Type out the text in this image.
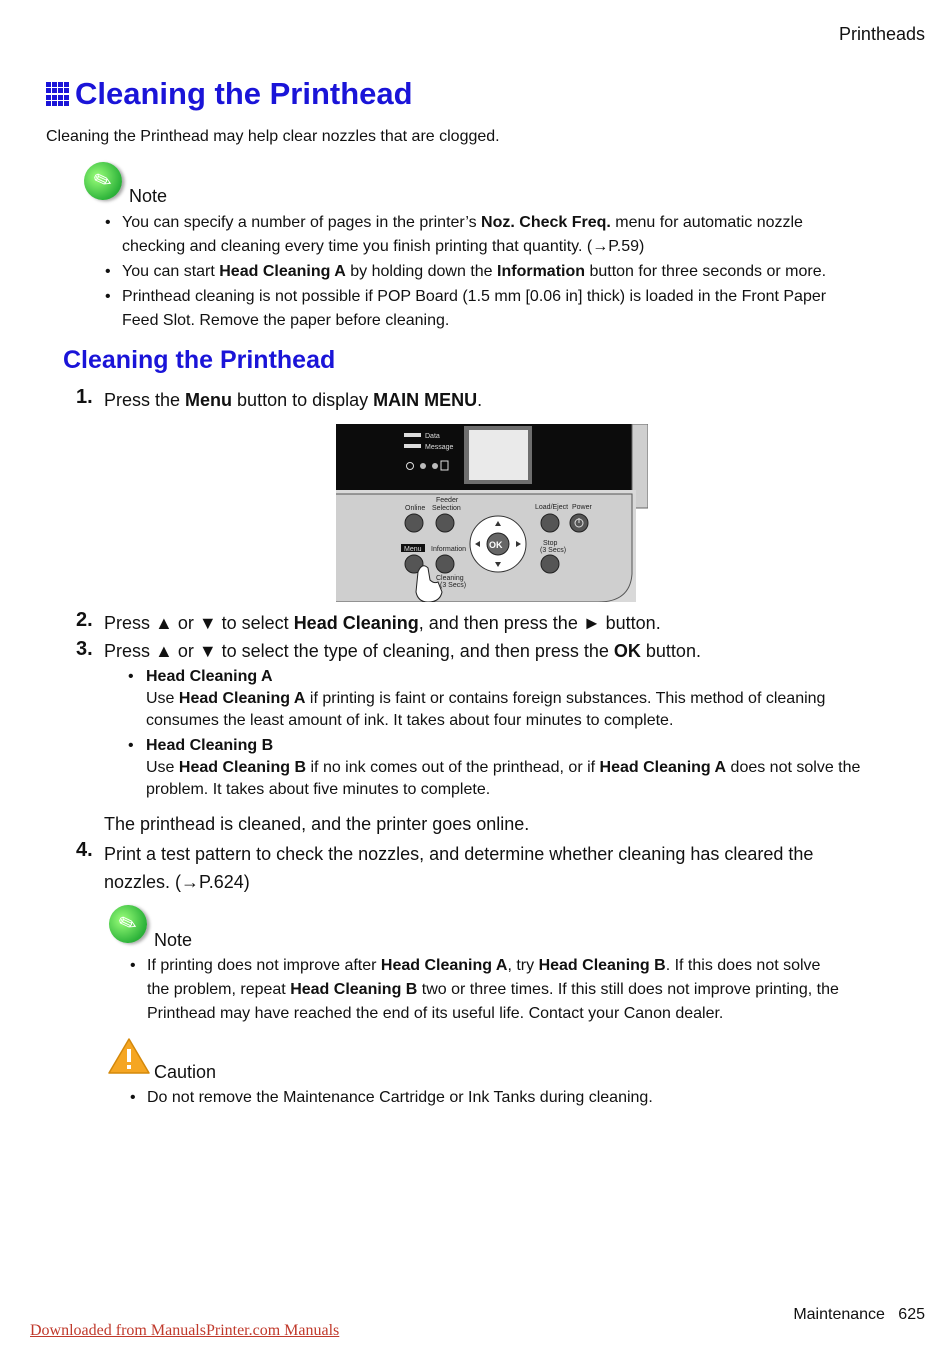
Printheads
Cleaning the Printhead
Cleaning the Printhead may help clear nozzles that are clogged.
✎
Note
• You can specify a number of pages in the printer’s Noz. Check Freq. menu for automatic nozzle
checking and cleaning every time you finish printing that quantity. (→P.59)
• You can start Head Cleaning A by holding down the Information button for three seconds or more.
• Printhead cleaning is not possible if POP Board (1.5 mm [0.06 in] thick) is loaded in the Front Paper
Feed Slot. Remove the paper before cleaning.
Cleaning the Printhead
1. Press the Menu button to display MAIN MENU.
Data
Message
Online
Feeder
Selection	Load/Eject Power
Menu Information	OK	Stop
(3 Secs)
Cleaning
(3 Secs)
2. Press ▲ or ▼ to select Head Cleaning, and then press the ► button.
3. Press ▲ or ▼ to select the type of cleaning, and then press the OK button.
• Head Cleaning A
Use Head Cleaning A if printing is faint or contains foreign substances. This method of cleaning
consumes the least amount of ink. It takes about four minutes to complete.
• Head Cleaning B
Use Head Cleaning B if no ink comes out of the printhead, or if Head Cleaning A does not solve the
problem. It takes about five minutes to complete.
The printhead is cleaned, and the printer goes online.
4. Print a test pattern to check the nozzles, and determine whether cleaning has cleared the
nozzles. (→P.624)
✎
Note
• If printing does not improve after Head Cleaning A, try Head Cleaning B. If this does not solve
the problem, repeat Head Cleaning B two or three times. If this still does not improve printing, the
Printhead may have reached the end of its useful life. Contact your Canon dealer.
Caution
• Do not remove the Maintenance Cartridge or Ink Tanks during cleaning.
Maintenance 625
Downloaded from ManualsPrinter.com Manuals
